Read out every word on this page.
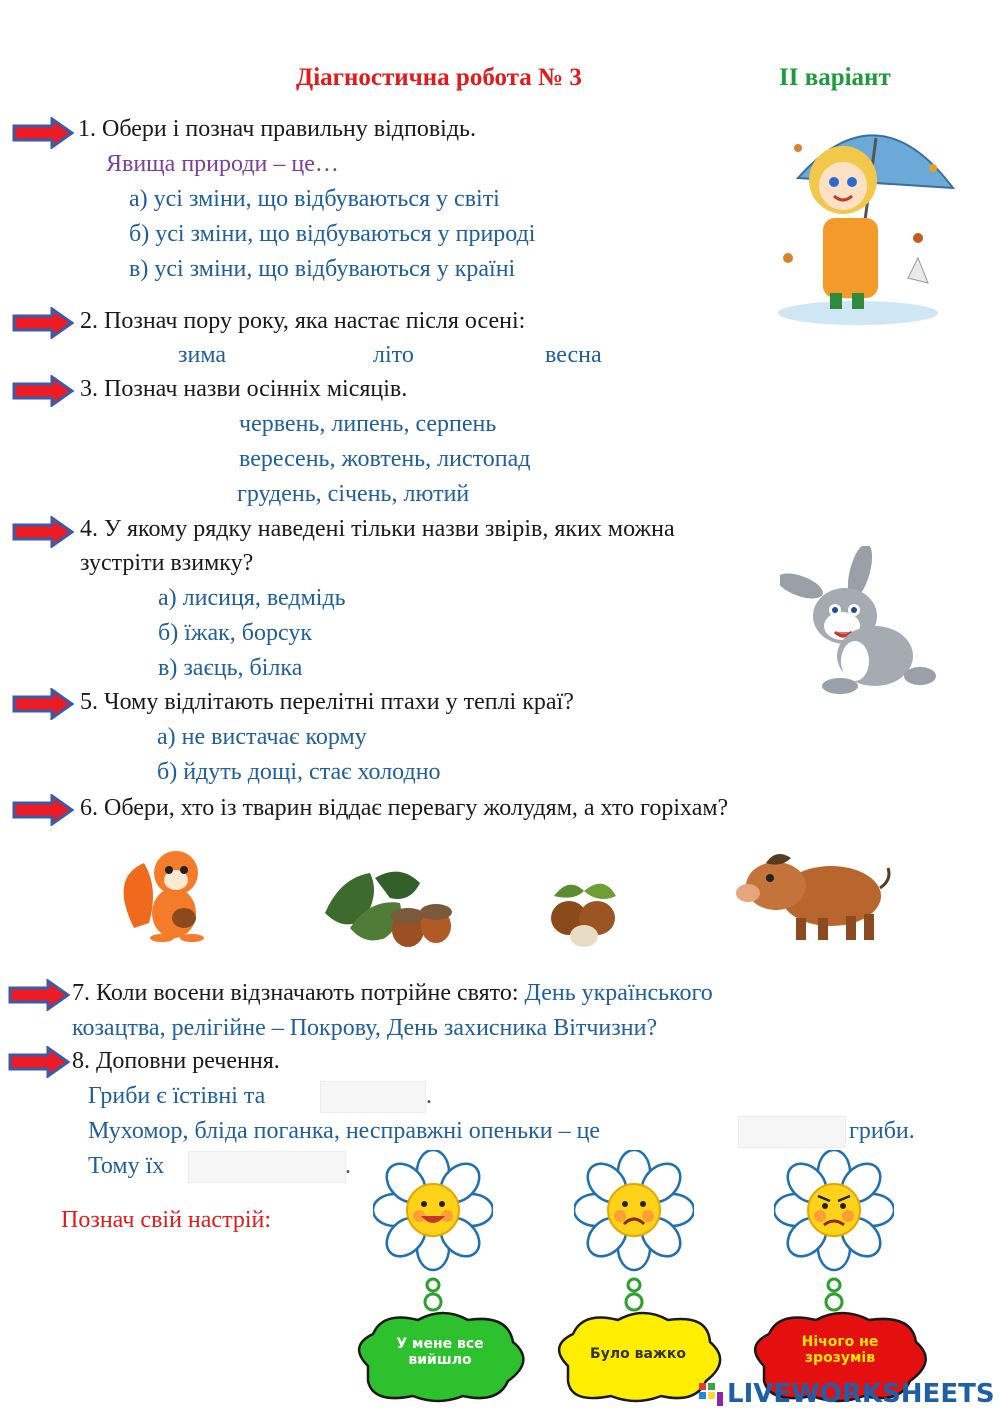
Діагностична робота № 3	ІІ варіант
1. Обери і познач правильну відповідь.
Явища природи – це…
а) усі зміни, що відбуваються у світі
б) усі зміни, що відбуваються у природі
в) усі зміни, що відбуваються у країні
2. Познач пору року, яка настає після осені:
зима	літо	весна
3. Познач назви осінніх місяців.
червень, липень, серпень
вересень, жовтень, листопад
грудень, січень, лютий
4. У якому рядку наведені тільки назви звірів, яких можна
зустріти взимку?
а) лисиця, ведмідь
б) їжак, борсук
в) заєць, білка
5. Чому відлітають перелітні птахи у теплі краї?
а) не вистачає корму
б) йдуть дощі, стає холодно
6. Обери, хто із тварин віддає перевагу жолудям, а хто горіхам?
7. Коли восени відзначають потрійне свято: День українського
козацтва, релігійне – Покрову, День захисника Вітчизни?
8. Доповни речення.
Гриби є їстівні та	.
Мухомор, бліда поганка, несправжні опеньки – це	гриби.
Тому їх	.
Познач свій настрій:
У мене все вийшло	Було важко
Нічого не зрозумів
LIVEWORKSHEETS
